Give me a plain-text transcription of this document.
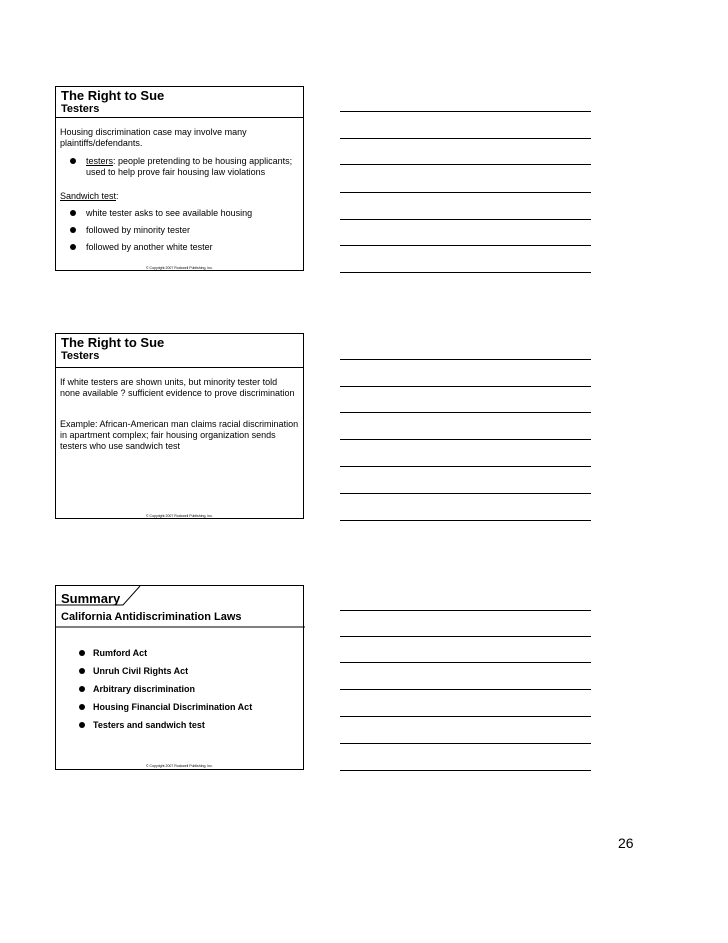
The Right to Sue
Testers

Housing discrimination case may involve many plaintiffs/defendants.

testers: people pretending to be housing applicants; used to help prove fair housing law violations

Sandwich test:

white tester asks to see available housing
followed by minority tester
followed by another white tester
© Copyright 2007 Rockwell Publishing, Inc.
The Right to Sue
Testers

If white testers are shown units, but minority tester told none available ? sufficient evidence to prove discrimination

Example: African-American man claims racial discrimination in apartment complex; fair housing organization sends testers who use sandwich test

© Copyright 2007 Rockwell Publishing, Inc.
Summary
California Antidiscrimination Laws
Rumford Act
Unruh Civil Rights Act
Arbitrary discrimination
Housing Financial Discrimination Act
Testers and sandwich test
© Copyright 2007 Rockwell Publishing, Inc.
26
